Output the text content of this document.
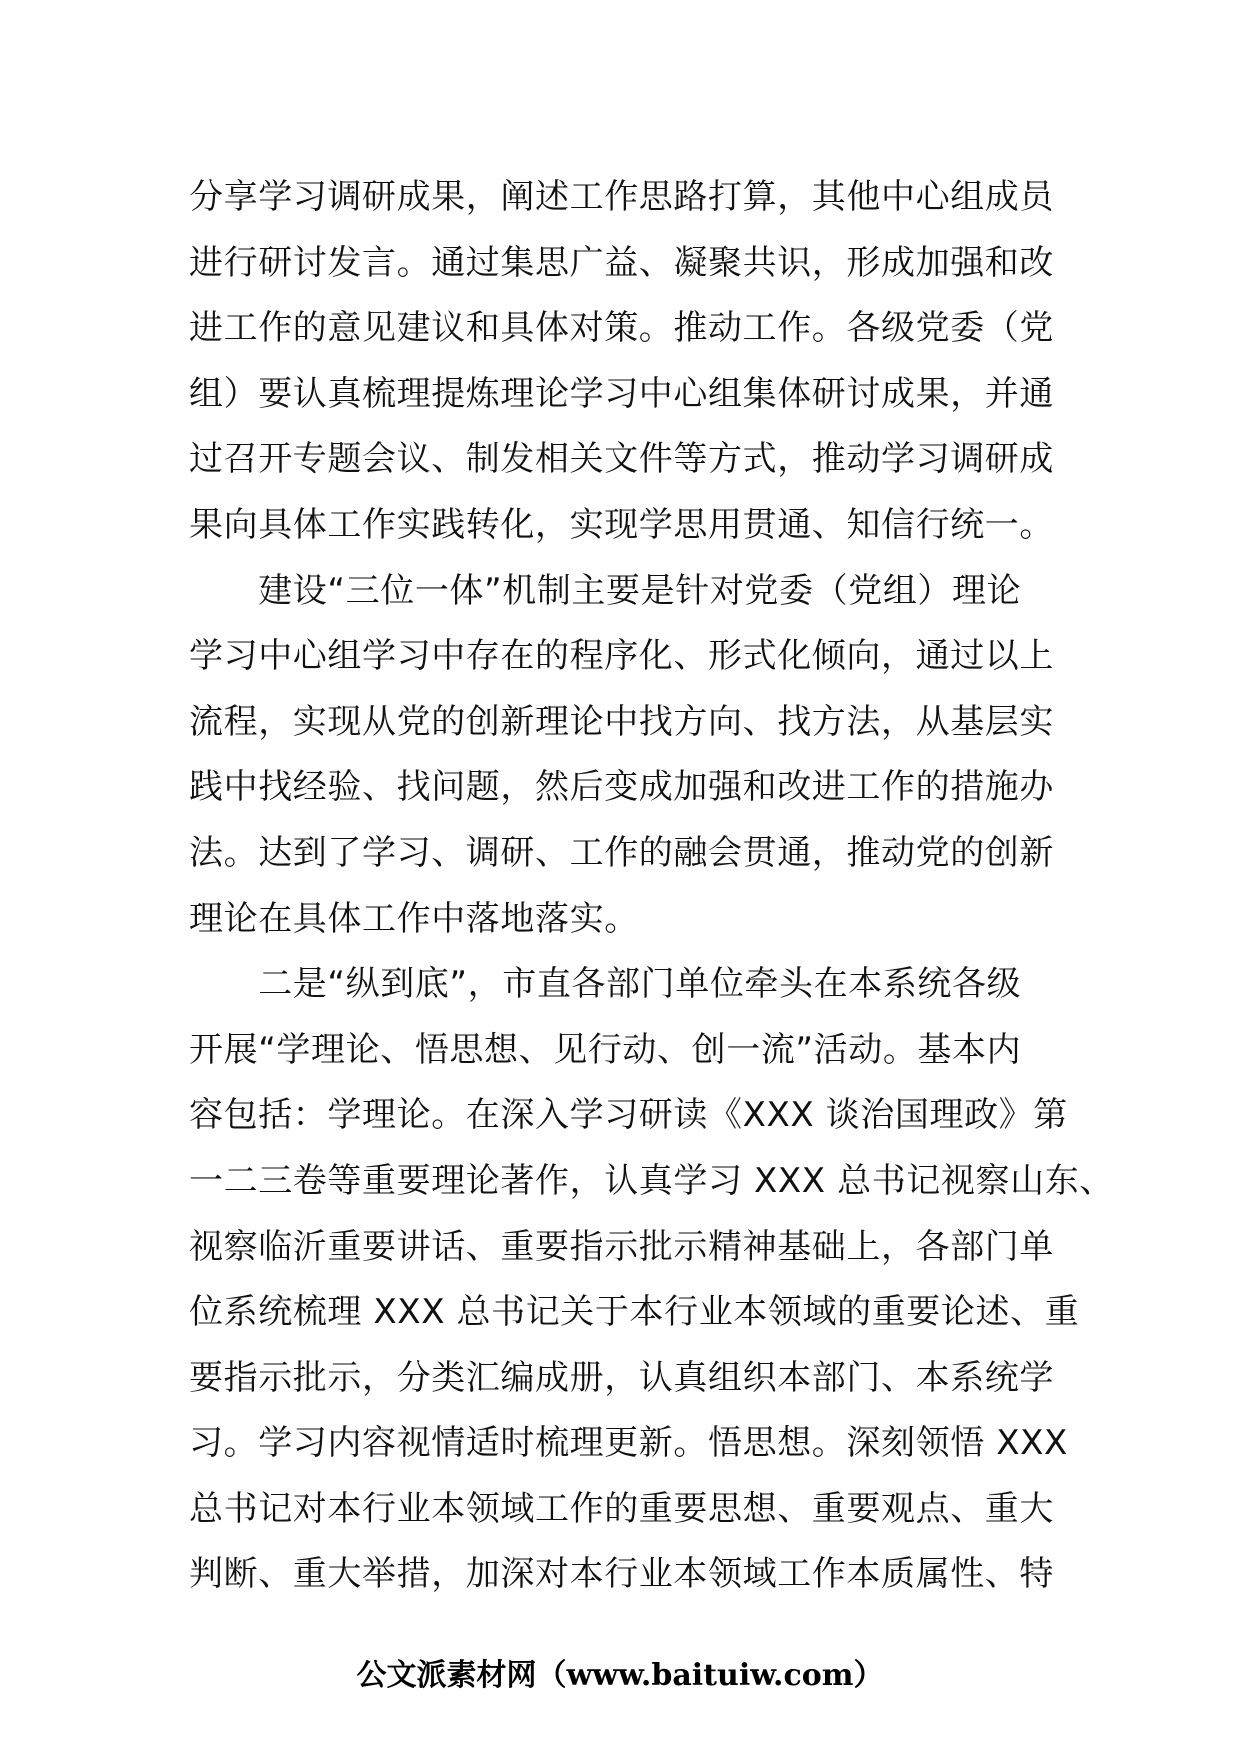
分享学习调研成果，阐述工作思路打算，其他中心组成员
进行研讨发言。通过集思广益、凝聚共识，形成加强和改
进工作的意见建议和具体对策。推动工作。各级党委（党
组）要认真梳理提炼理论学习中心组集体研讨成果，并通
过召开专题会议、制发相关文件等方式，推动学习调研成
果向具体工作实践转化，实现学思用贯通、知信行统一。
　　建设“三位一体”机制主要是针对党委（党组）理论
学习中心组学习中存在的程序化、形式化倾向，通过以上
流程，实现从党的创新理论中找方向、找方法，从基层实
践中找经验、找问题，然后变成加强和改进工作的措施办
法。达到了学习、调研、工作的融会贯通，推动党的创新
理论在具体工作中落地落实。
　　二是“纵到底”，市直各部门单位牵头在本系统各级
开展“学理论、悟思想、见行动、创一流”活动。基本内
容包括：学理论。在深入学习研读《XXX 谈治国理政》第
一二三卷等重要理论著作，认真学习 XXX 总书记视察山东、
视察临沂重要讲话、重要指示批示精神基础上，各部门单
位系统梳理 XXX 总书记关于本行业本领域的重要论述、重
要指示批示，分类汇编成册，认真组织本部门、本系统学
习。学习内容视情适时梳理更新。悟思想。深刻领悟 XXX
总书记对本行业本领域工作的重要思想、重要观点、重大
判断、重大举措，加深对本行业本领域工作本质属性、特
公文派素材网（www.baituiw.com）
